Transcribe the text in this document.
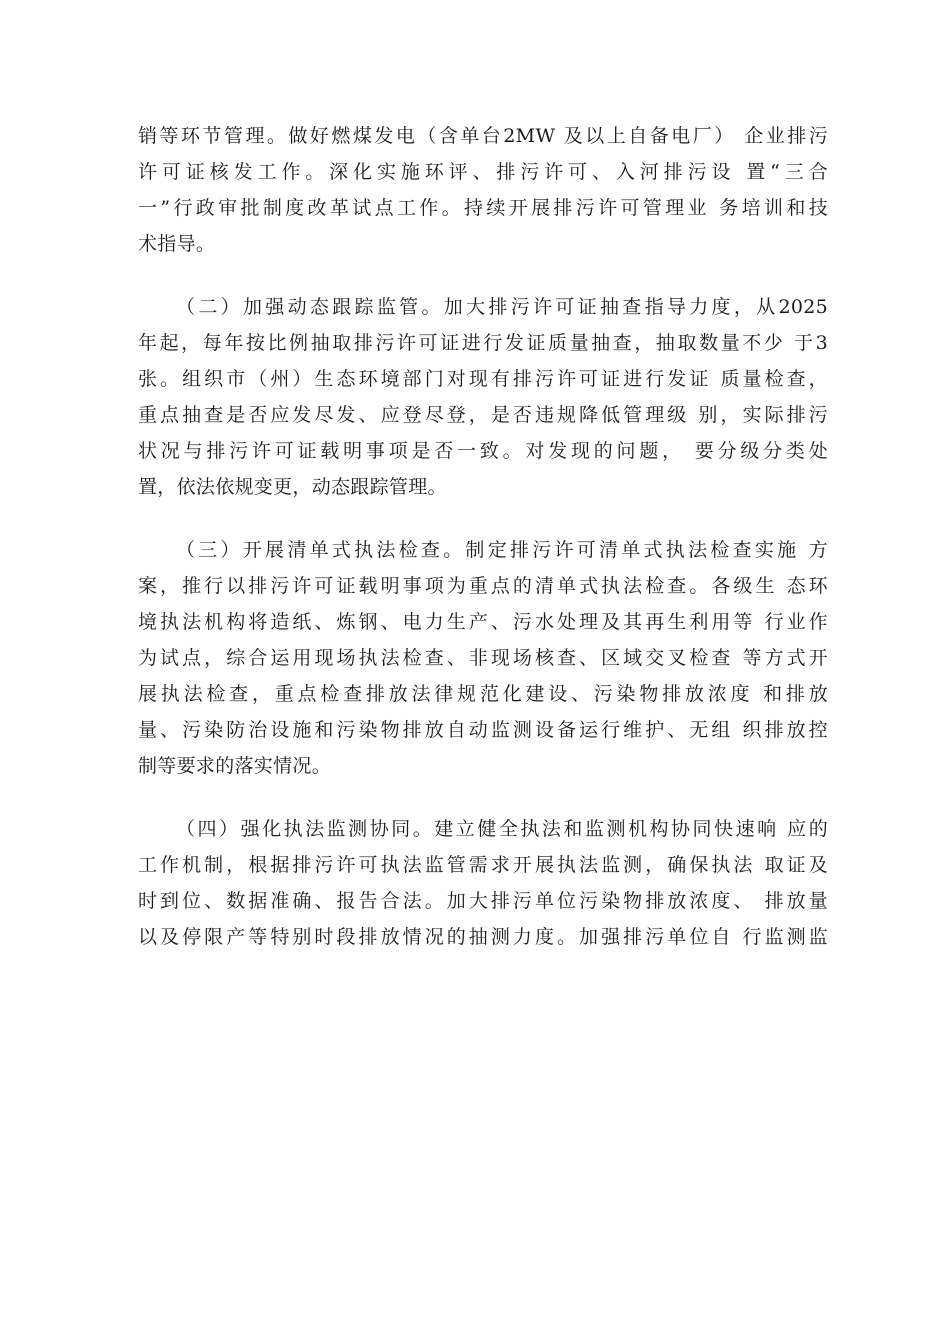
销等环节管理。做好燃煤发电（含单台2MW 及以上自备电厂） 企业排污
许可证核发工作。深化实施环评、排污许可、入河排污设 置“三合
一”行政审批制度改革试点工作。持续开展排污许可管理业 务培训和技
术指导。
（二）加强动态跟踪监管。加大排污许可证抽查指导力度，从2025
年起，每年按比例抽取排污许可证进行发证质量抽查，抽取数量不少 于3
张。组织市（州）生态环境部门对现有排污许可证进行发证 质量检查，
重点抽查是否应发尽发、应登尽登，是否违规降低管理级 别，实际排污
状况与排污许可证载明事项是否一致。对发现的问题， 要分级分类处
置，依法依规变更，动态跟踪管理。
（三）开展清单式执法检查。制定排污许可清单式执法检查实施 方
案，推行以排污许可证载明事项为重点的清单式执法检查。各级生 态环
境执法机构将造纸、炼钢、电力生产、污水处理及其再生利用等 行业作
为试点，综合运用现场执法检查、非现场核查、区域交叉检查 等方式开
展执法检查，重点检查排放法律规范化建设、污染物排放浓度 和排放
量、污染防治设施和污染物排放自动监测设备运行维护、无组 织排放控
制等要求的落实情况。
（四）强化执法监测协同。建立健全执法和监测机构协同快速响 应的
工作机制，根据排污许可执法监管需求开展执法监测，确保执法 取证及
时到位、数据准确、报告合法。加大排污单位污染物排放浓度、 排放量
以及停限产等特别时段排放情况的抽测力度。加强排污单位自 行监测监
